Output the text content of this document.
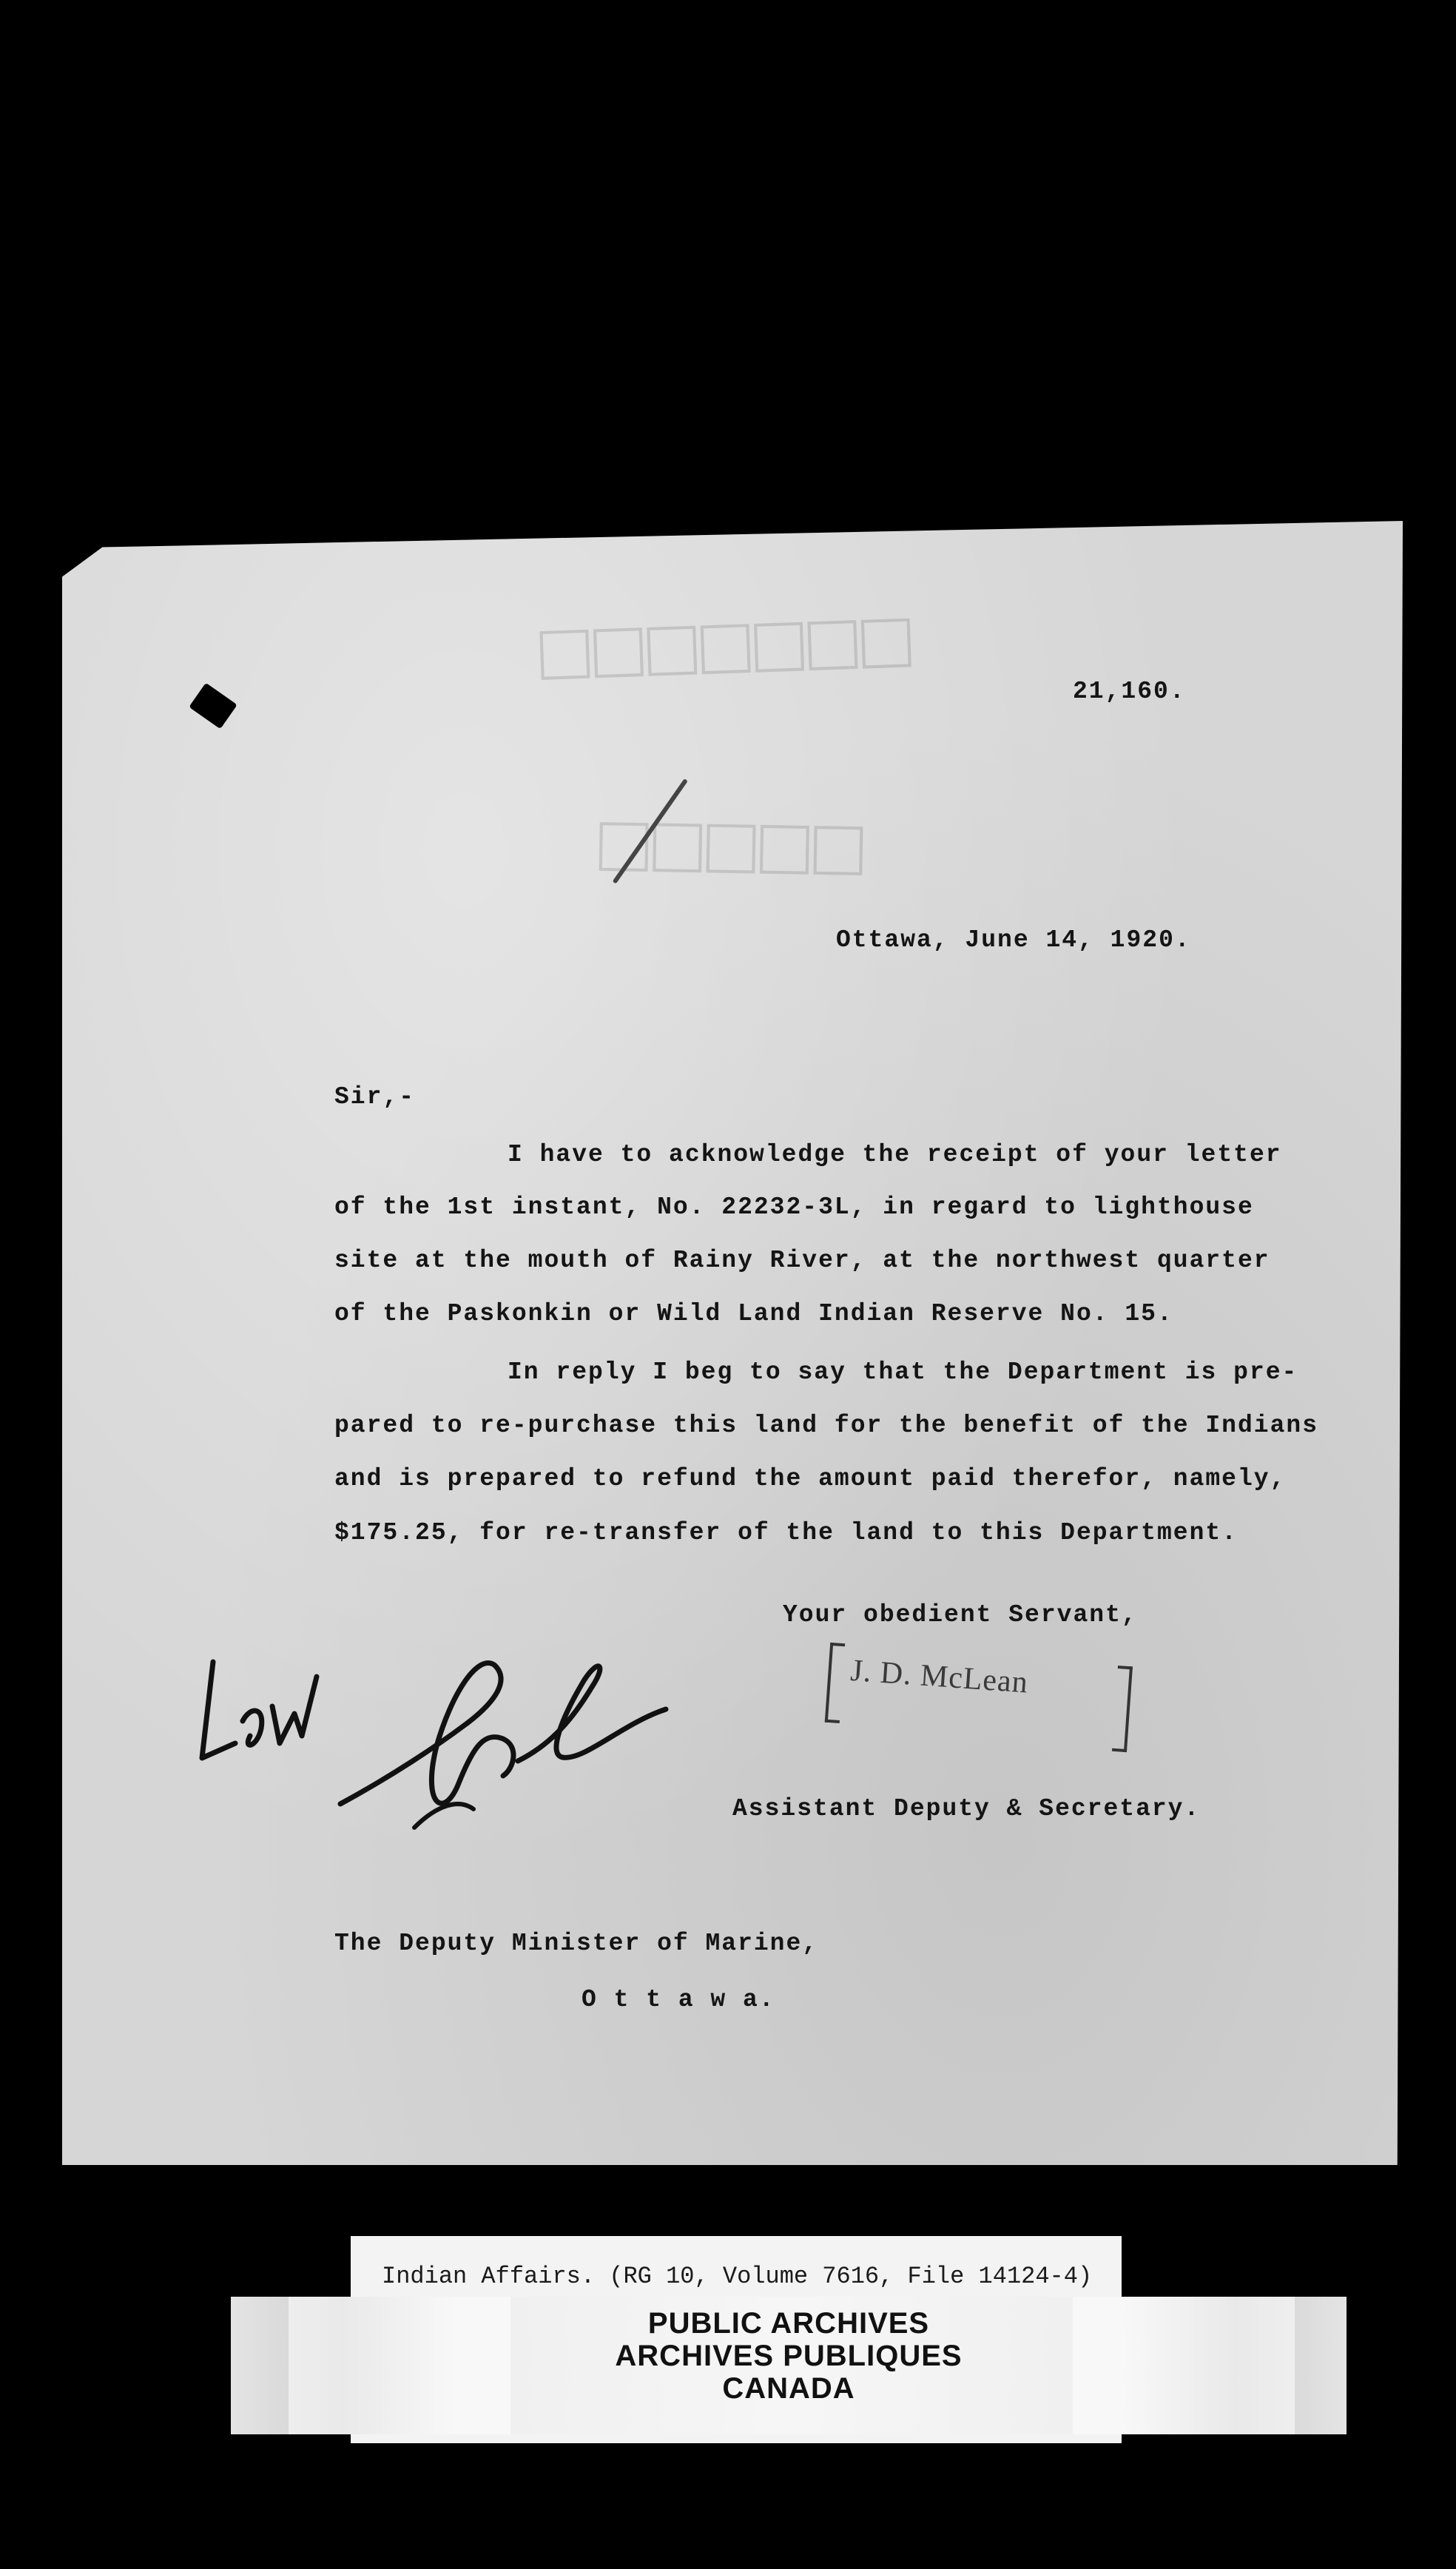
□□□□□□□
□□□□□
21,160.
Ottawa, June 14, 1920.
Sir,-
I have to acknowledge the receipt of your letter
of the 1st instant, No. 22232-3L, in regard to lighthouse
site at the mouth of Rainy River, at the northwest quarter
of the Paskonkin or Wild Land Indian Reserve No. 15.
In reply I beg to say that the Department is pre-
pared to re-purchase this land for the benefit of the Indians
and is prepared to refund the amount paid therefor, namely,
$175.25, for re-transfer of the land to this Department.
Your obedient Servant,
J. D. McLean
Assistant Deputy & Secretary.
The Deputy Minister of Marine,
O t t a w a.
Indian Affairs. (RG 10, Volume 7616, File 14124-4)
PUBLIC ARCHIVES
ARCHIVES PUBLIQUES
CANADA
